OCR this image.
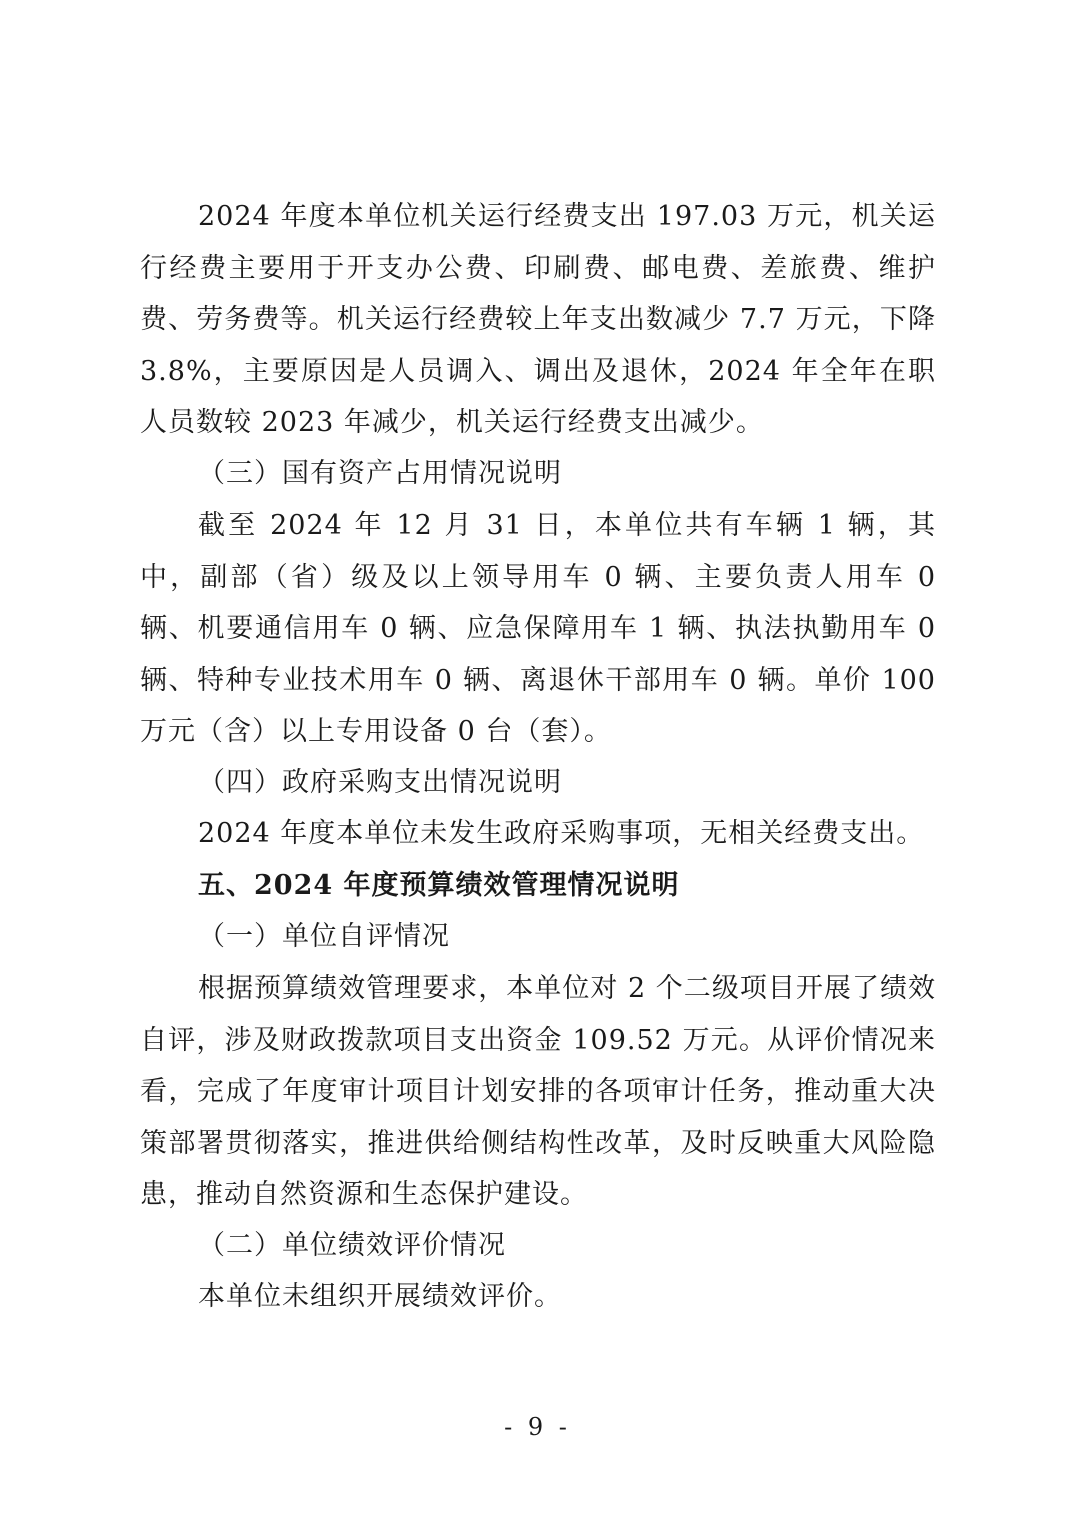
2024 年度本单位机关运行经费支出 197.03 万元，机关运行经费主要用于开支办公费、印刷费、邮电费、差旅费、维护费、劳务费等。机关运行经费较上年支出数减少 7.7 万元，下降 3.8%，主要原因是人员调入、调出及退休，2024 年全年在职人员数较 2023 年减少，机关运行经费支出减少。

（三）国有资产占用情况说明

截至 2024 年 12 月 31 日，本单位共有车辆 1 辆，其中，副部（省）级及以上领导用车 0 辆、主要负责人用车 0 辆、机要通信用车 0 辆、应急保障用车 1 辆、执法执勤用车 0 辆、特种专业技术用车 0 辆、离退休干部用车 0 辆。单价 100 万元（含）以上专用设备 0 台（套）。

（四）政府采购支出情况说明

2024 年度本单位未发生政府采购事项，无相关经费支出。

五、2024 年度预算绩效管理情况说明

（一）单位自评情况

根据预算绩效管理要求，本单位对 2 个二级项目开展了绩效自评，涉及财政拨款项目支出资金 109.52 万元。从评价情况来看，完成了年度审计项目计划安排的各项审计任务，推动重大决策部署贯彻落实，推进供给侧结构性改革，及时反映重大风险隐患，推动自然资源和生态保护建设。

（二）单位绩效评价情况

本单位未组织开展绩效评价。

- 9 -
